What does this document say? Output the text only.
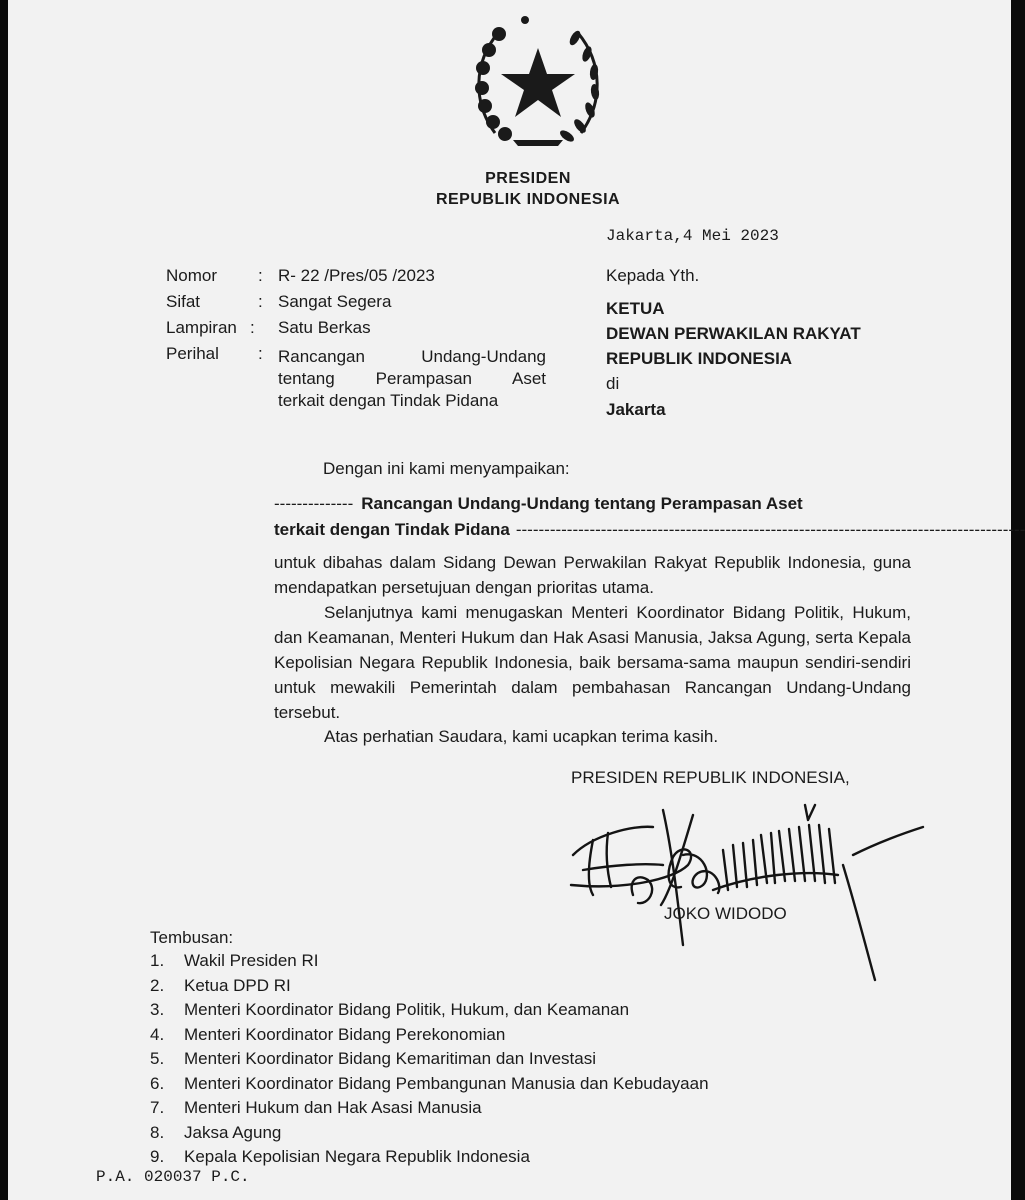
PRESIDEN
REPUBLIK INDONESIA
Jakarta,4 Mei 2023
Nomor : R- 22 /Pres/05 /2023
Sifat	: Sangat Segera
Lampiran : Satu Berkas
Perihal : Rancangan Undang-Undang
tentang Perampasan Aset
terkait dengan Tindak Pidana
Kepada Yth.
KETUA
DEWAN PERWAKILAN RAKYAT
REPUBLIK INDONESIA
di
Jakarta
Dengan ini kami menyampaikan:
-------------- Rancangan Undang-Undang tentang Perampasan Aset
terkait dengan Tindak Pidana ------------------------------------------------------------------------------------------

untuk dibahas dalam Sidang Dewan Perwakilan Rakyat Republik Indonesia, guna mendapatkan persetujuan dengan prioritas utama.

Selanjutnya kami menugaskan Menteri Koordinator Bidang Politik, Hukum, dan Keamanan, Menteri Hukum dan Hak Asasi Manusia, Jaksa Agung, serta Kepala Kepolisian Negara Republik Indonesia, baik bersama-sama maupun sendiri-sendiri untuk mewakili Pemerintah dalam pembahasan Rancangan Undang-Undang tersebut.

Atas perhatian Saudara, kami ucapkan terima kasih.

PRESIDEN REPUBLIK INDONESIA,
JOKO WIDODO
Tembusan:
1. Wakil Presiden RI
2. Ketua DPD RI
3. Menteri Koordinator Bidang Politik, Hukum, dan Keamanan
4. Menteri Koordinator Bidang Perekonomian
5. Menteri Koordinator Bidang Kemaritiman dan Investasi
6. Menteri Koordinator Bidang Pembangunan Manusia dan Kebudayaan
7. Menteri Hukum dan Hak Asasi Manusia
8. Jaksa Agung
9. Kepala Kepolisian Negara Republik Indonesia
P.A. 020037 P.C.
